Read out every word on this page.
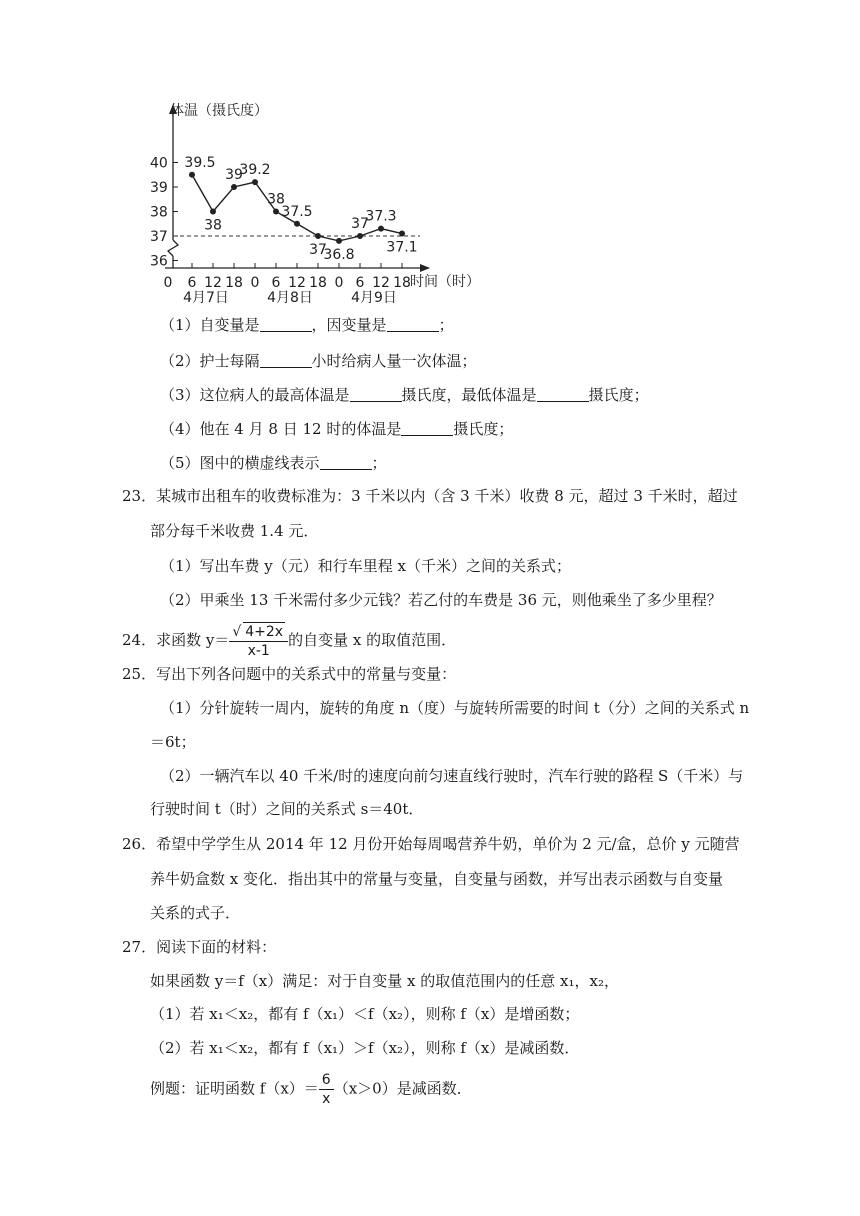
体温（摄氏度）
时间（时）
36
37
38
39
40
0 6 12 18 0 6 12 18 0 6 12 18
4月7日	4月8日	4月9日
39.5
38
39
39.2
38
37.5
37
36.8
37
37.3
37.1
（1）自变量是	，因变量是	；
（2）护士每隔	小时给病人量一次体温；
（3）这位病人的最高体温是	摄氏度，最低体温是	摄氏度；
（4）他在 4 月 8 日 12 时的体温是	摄氏度；
（5）图中的横虚线表示	；
23．某城市出租车的收费标准为：3 千米以内（含 3 千米）收费 8 元，超过 3 千米时，超过
部分每千米收费 1.4 元．
（1）写出车费 y（元）和行车里程 x（千米）之间的关系式；
（2）甲乘坐 13 千米需付多少元钱？若乙付的车费是 36 元，则他乘坐了多少里程？
24．求函数 $y= \frac{√ 4+2x}{x-1}$ 的自变量 x 的取值范围．
25．写出下列各问题中的关系式中的常量与变量：
（1）分针旋转一周内，旋转的角度 n（度）与旋转所需要的时间 t（分）之间的关系式 n
＝6t；
（2）一辆汽车以 40 千米/时的速度向前匀速直线行驶时，汽车行驶的路程 S（千米）与
行驶时间 t（时）之间的关系式 s＝40t．
26．希望中学学生从 2014 年 12 月份开始每周喝营养牛奶，单价为 2 元/盒，总价 y 元随营
养牛奶盒数 x 变化．指出其中的常量与变量，自变量与函数，并写出表示函数与自变量
关系的式子．
27．阅读下面的材料：
如果函数 y＝f（x）满足：对于自变量 x 的取值范围内的任意 x₁，x₂，
（1）若 x₁＜x₂，都有 f（x₁）＜f（x₂），则称 f（x）是增函数；
（2）若 x₁＜x₂，都有 f（x₁）＞f（x₂），则称 f（x）是减函数．
例题：证明函数 $f(x)= \frac{6}{x} (x>0)$是减函数．
